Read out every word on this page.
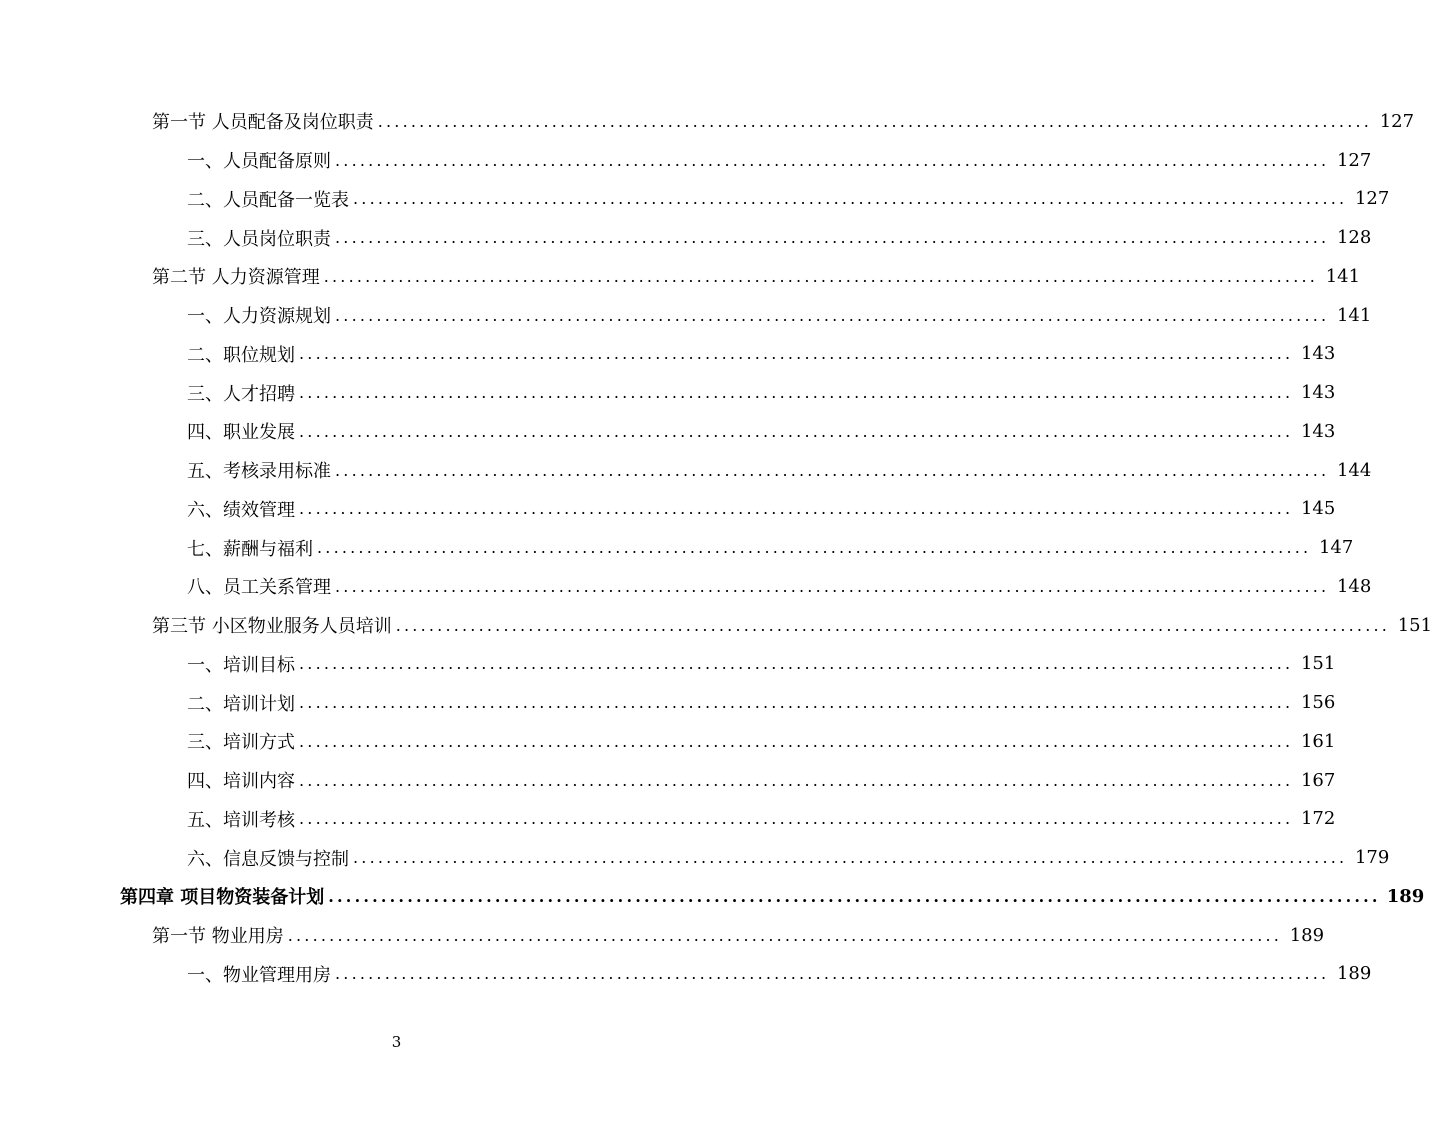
第一节 人员配备及岗位职责 ........................................................................................................................ 127
一、人员配备原则 ........................................................................................................................ 127
二、人员配备一览表 ........................................................................................................................ 127
三、人员岗位职责 ........................................................................................................................ 128
第二节 人力资源管理 ........................................................................................................................ 141
一、人力资源规划 ........................................................................................................................ 141
二、职位规划 ........................................................................................................................ 143
三、人才招聘 ........................................................................................................................ 143
四、职业发展 ........................................................................................................................ 143
五、考核录用标准 ........................................................................................................................ 144
六、绩效管理 ........................................................................................................................ 145
七、薪酬与福利 ........................................................................................................................ 147
八、员工关系管理 ........................................................................................................................ 148
第三节 小区物业服务人员培训 ........................................................................................................................ 151
一、培训目标 ........................................................................................................................ 151
二、培训计划 ........................................................................................................................ 156
三、培训方式 ........................................................................................................................ 161
四、培训内容 ........................................................................................................................ 167
五、培训考核 ........................................................................................................................ 172
六、信息反馈与控制 ........................................................................................................................ 179
第四章 项目物资装备计划 ........................................................................................................................ 189
第一节 物业用房 ........................................................................................................................ 189
一、物业管理用房 ........................................................................................................................ 189
3
